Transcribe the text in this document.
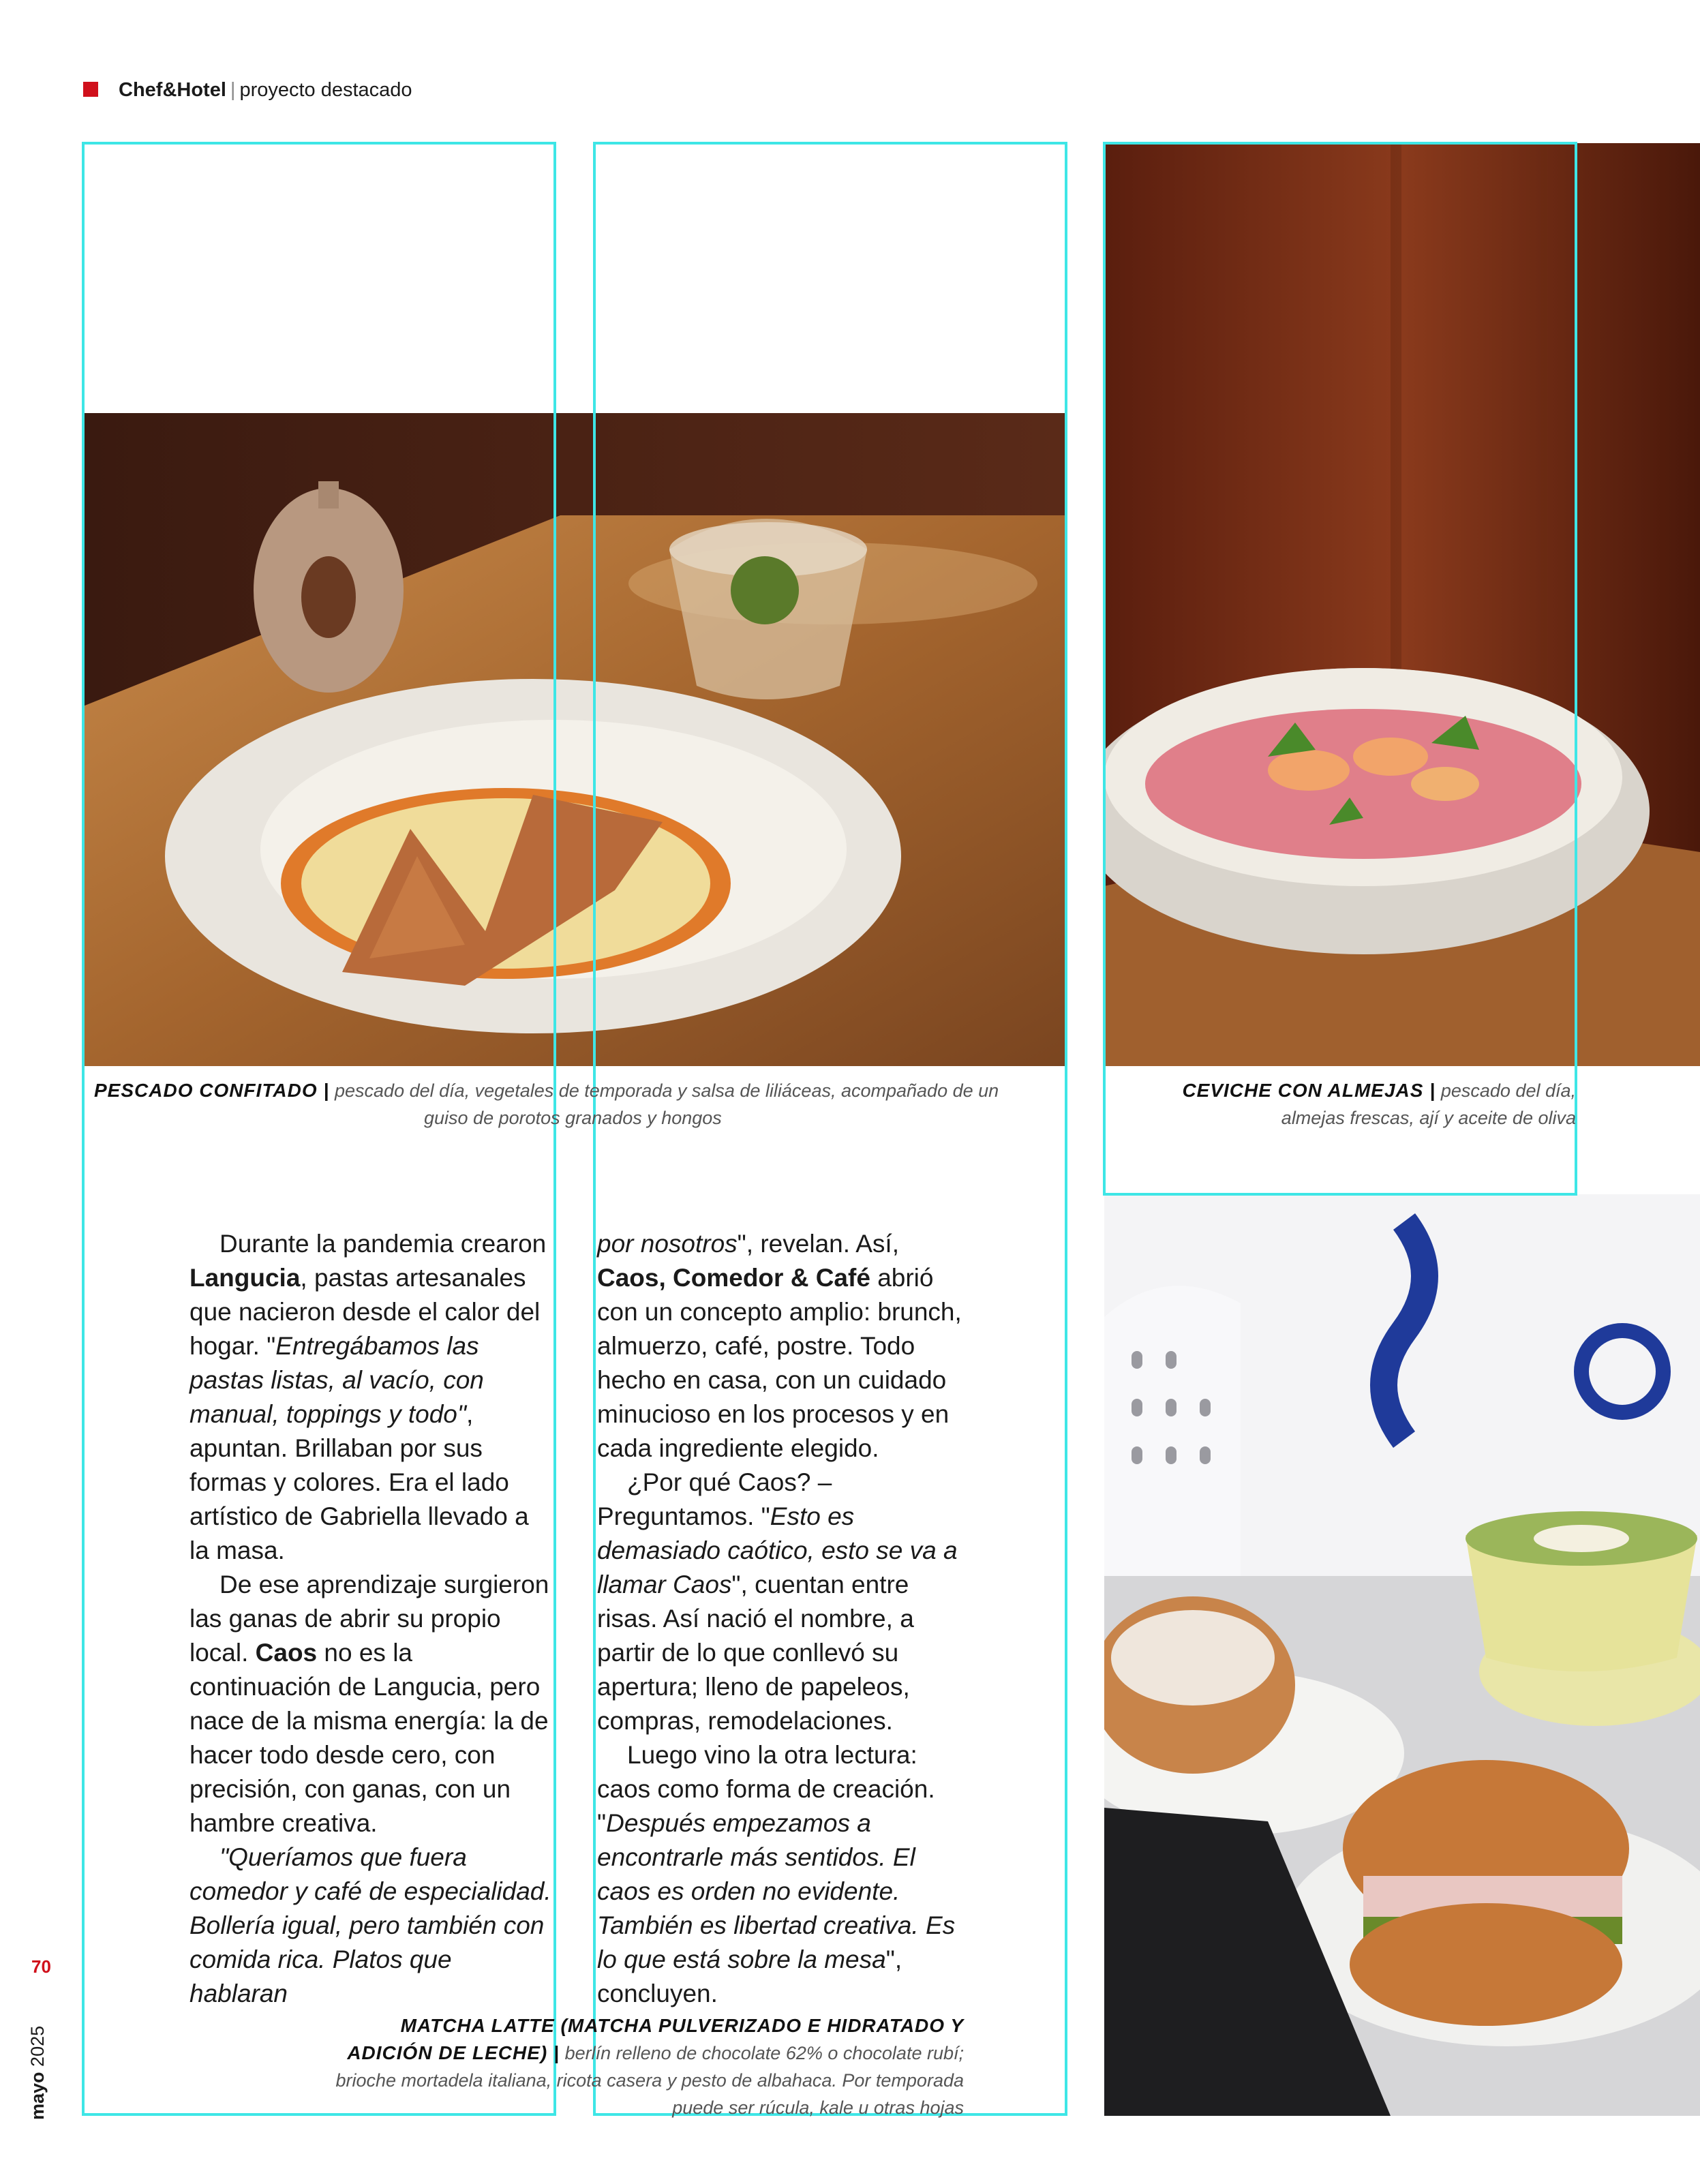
Chef&Hotel | proyecto destacado
PESCADO CONFITADO | pescado del día, vegetales de temporada y salsa de liliáceas, acompañado de un
guiso de porotos granados y hongos
CEVICHE CON ALMEJAS | pescado del día,
almejas frescas, ají y aceite de oliva

Durante la pandemia crearon Langucia, pastas artesanales que nacieron desde el calor del hogar. "Entregábamos las pastas listas, al vacío, con manual, toppings y todo", apuntan. Brillaban por sus formas y colores. Era el lado artístico de Gabriella llevado a la masa.

De ese aprendizaje surgieron las ganas de abrir su propio local. Caos no es la continuación de Langucia, pero nace de la misma energía: la de hacer todo desde cero, con precisión, con ganas, con un hambre creativa.

"Queríamos que fuera comedor y café de especialidad. Bollería igual, pero también con comida rica. Platos que hablaran

por nosotros", revelan. Así, Caos, Comedor & Café abrió con un concepto amplio: brunch, almuerzo, café, postre. Todo hecho en casa, con un cuidado minucioso en los procesos y en cada ingrediente elegido.

¿Por qué Caos? – Preguntamos. "Esto es demasiado caótico, esto se va a llamar Caos", cuentan entre risas. Así nació el nombre, a partir de lo que conllevó su apertura; lleno de papeleos, compras, remodelaciones.

Luego vino la otra lectura: caos como forma de creación. "Después empezamos a encontrarle más sentidos. El caos es orden no evidente. También es libertad creativa. Es lo que está sobre la mesa", concluyen.

MATCHA LATTE (MATCHA PULVERIZADO E HIDRATADO Y
ADICIÓN DE LECHE) | berlín relleno de chocolate 62% o chocolate rubí;
brioche mortadela italiana, ricota casera y pesto de albahaca. Por temporada
puede ser rúcula, kale u otras hojas
70
mayo 2025
